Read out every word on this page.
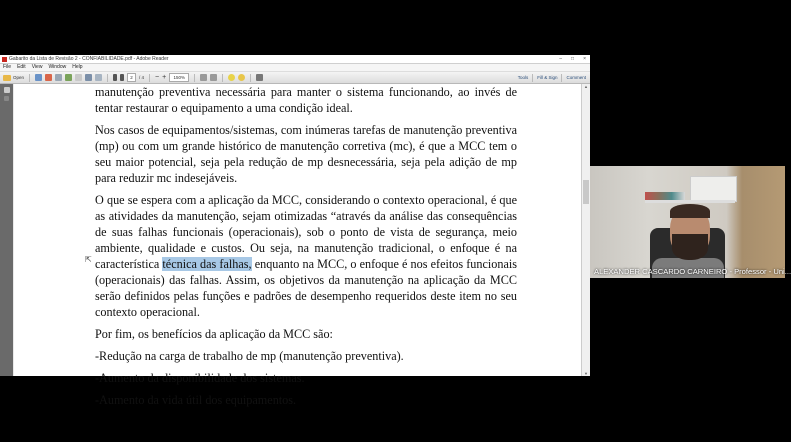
Gabarito da Lista de Revisão 2 - CONFIABILIDADE.pdf - Adobe Reader	– □ ×
File Edit View Window Help
Open	2	/ 4 − +	150%	Tools Fill & Sign Comment

manutenção preventiva necessária para manter o sistema funcionando, ao invés de tentar restaurar o equipamento a uma condição ideal.

Nos casos de equipamentos/sistemas, com inúmeras tarefas de manutenção preventiva (mp) ou com um grande histórico de manutenção corretiva (mc), é que a MCC tem o seu maior potencial, seja pela redução de mp desnecessária, seja pela adição de mp para reduzir mc indesejáveis.

O que se espera com a aplicação da MCC, considerando o contexto operacional, é que as atividades da manutenção, sejam otimizadas “através da análise das consequências de suas falhas funcionais (operacionais), sob o ponto de vista de segurança, meio ambiente, qualidade e custos. Ou seja, na manutenção tradicional, o enfoque é na característica técnica das falhas, enquanto na MCC, o enfoque é nos efeitos funcionais (operacionais) das falhas. Assim, os objetivos da manutenção na aplicação da MCC serão definidos pelas funções e padrões de desempenho requeridos deste item no seu contexto operacional.

Por fim, os benefícios da aplicação da MCC são:

-Redução na carga de trabalho de mp (manutenção preventiva).

-Aumento da disponibilidade dos sistemas.

-Aumento da vida útil dos equipamentos.

⇱
▲
▼
ALEXANDER CASCARDO CARNEIRO - Professor - Uni...
